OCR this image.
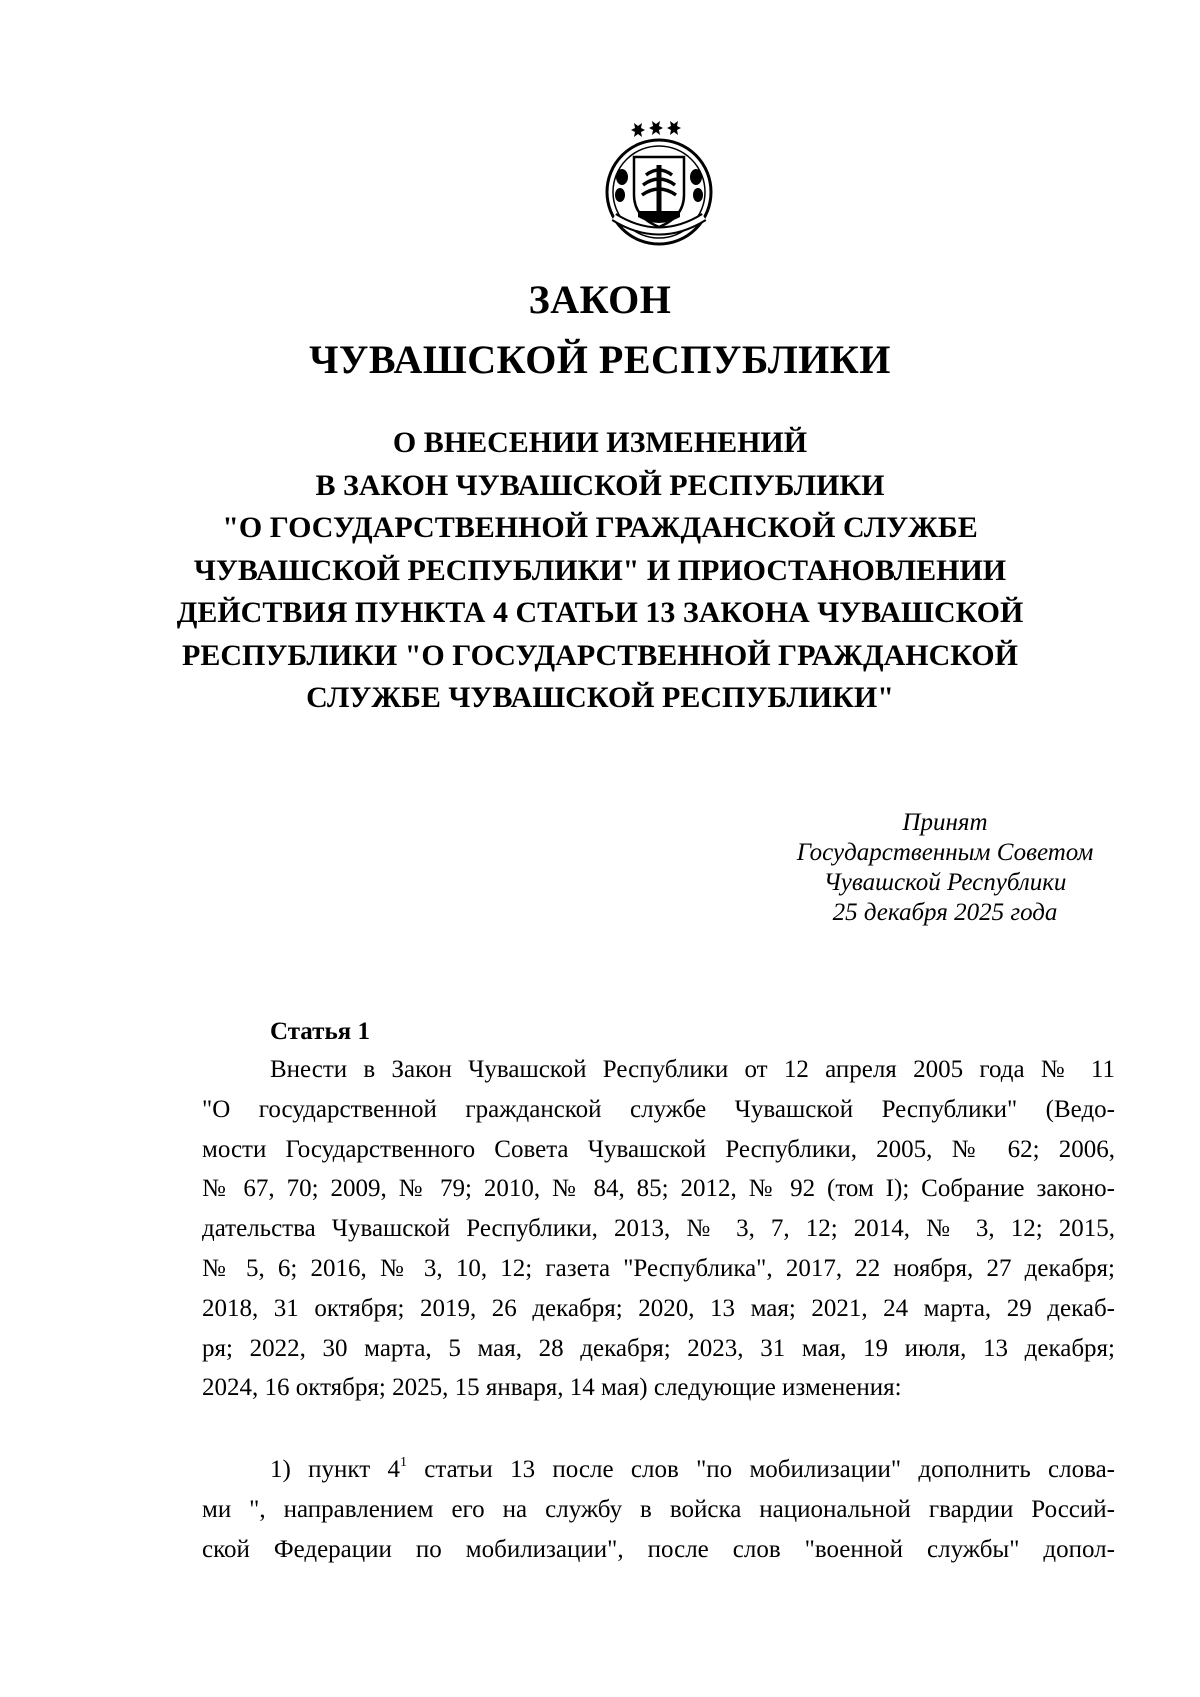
ЗАКОН
ЧУВАШСКОЙ РЕСПУБЛИКИ
О ВНЕСЕНИИ ИЗМЕНЕНИЙ
В ЗАКОН ЧУВАШСКОЙ РЕСПУБЛИКИ
"О ГОСУДАРСТВЕННОЙ ГРАЖДАНСКОЙ СЛУЖБЕ
ЧУВАШСКОЙ РЕСПУБЛИКИ" И ПРИОСТАНОВЛЕНИИ
ДЕЙСТВИЯ ПУНКТА 4 СТАТЬИ 13 ЗАКОНА ЧУВАШСКОЙ
РЕСПУБЛИКИ "О ГОСУДАРСТВЕННОЙ ГРАЖДАНСКОЙ
СЛУЖБЕ ЧУВАШСКОЙ РЕСПУБЛИКИ"
Принят
Государственным Советом
Чувашской Республики
25 декабря 2025 года
Статья 1
Внести в Закон Чувашской Республики от 12 апреля 2005 года № 11
"О государственной гражданской службе Чувашской Республики" (Ведо-
мости Государственного Совета Чувашской Республики, 2005, № 62; 2006,
№ 67, 70; 2009, № 79; 2010, № 84, 85; 2012, № 92 (том I); Собрание законо-
дательства Чувашской Республики, 2013, № 3, 7, 12; 2014, № 3, 12; 2015,
№ 5, 6; 2016, № 3, 10, 12; газета "Республика", 2017, 22 ноября, 27 декабря;
2018, 31 октября; 2019, 26 декабря; 2020, 13 мая; 2021, 24 марта, 29 декаб-
ря; 2022, 30 марта, 5 мая, 28 декабря; 2023, 31 мая, 19 июля, 13 декабря;
2024, 16 октября; 2025, 15 января, 14 мая) следующие изменения:
1) пункт $4^1$ статьи 13 после слов "по мобилизации" дополнить слова-
ми ", направлением его на службу в войска национальной гвардии Россий-
ской Федерации по мобилизации", после слов "военной службы" допол-
